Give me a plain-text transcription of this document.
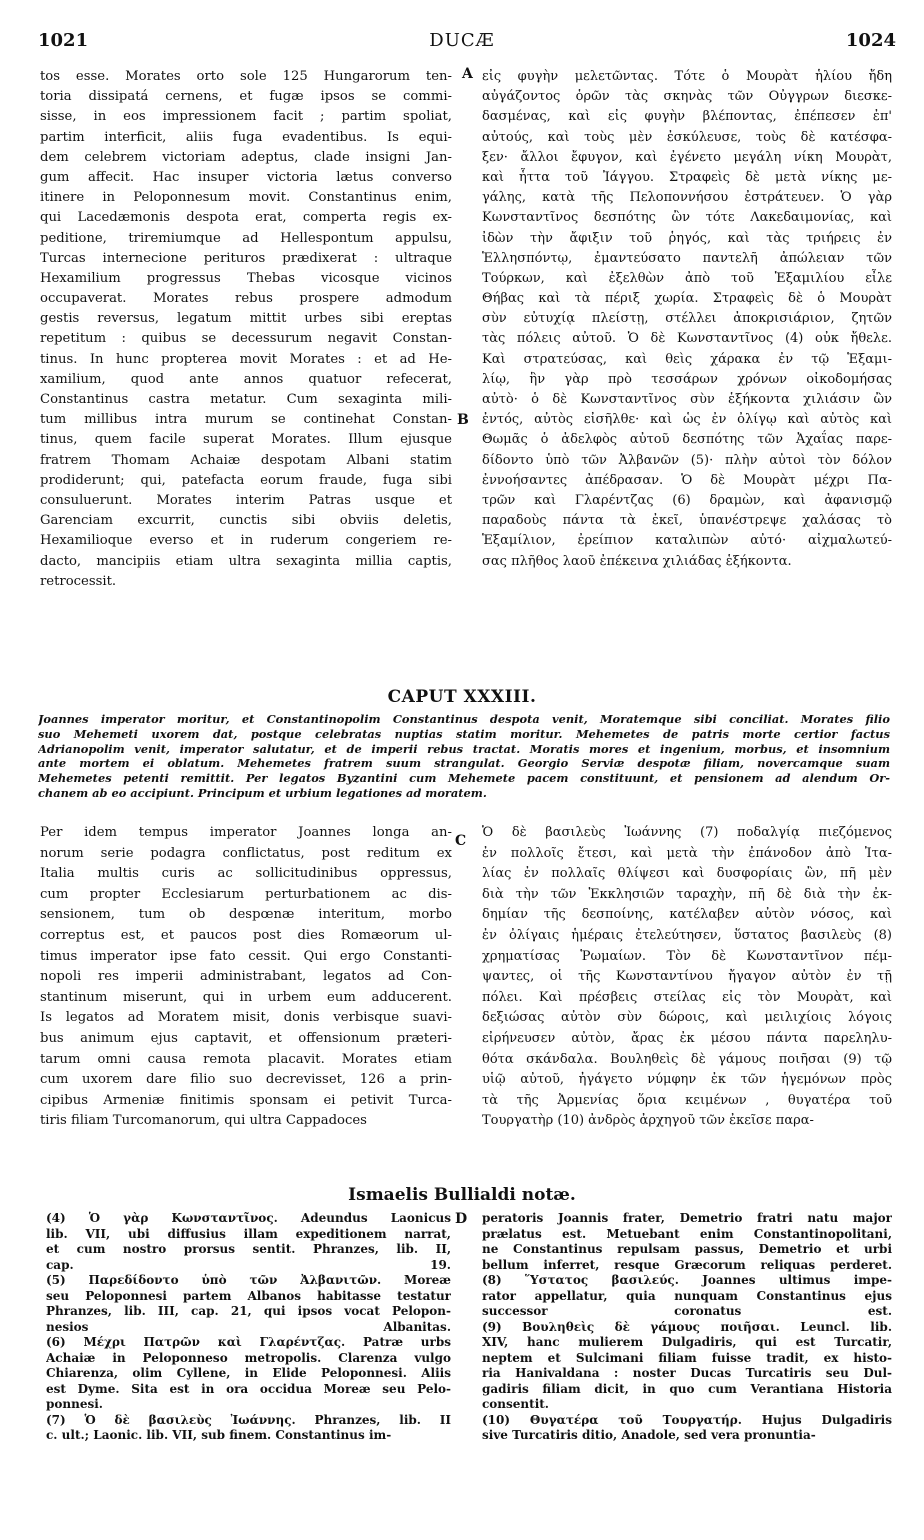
1021	DUCÆ	1024
A
B
C
D
tos esse. Morates orto sole 125 Hungarorum ten-
toria dissipatá cernens, et fugæ ipsos se commi-
sisse, in eos impressionem facit ; partim spoliat,
partim interficit, aliis fuga evadentibus. Is equi-
dem celebrem victoriam adeptus, clade insigni Jan-
gum affecit. Hac insuper victoria lætus converso
itinere in Peloponnesum movit. Constantinus enim,
qui Lacedæmonis despota erat, comperta regis ex-
peditione, triremiumque ad Hellespontum appulsu,
Turcas internecione perituros prædixerat : ultraque
Hexamilium progressus Thebas vicosque vicinos
occupaverat. Morates rebus prospere admodum
gestis reversus, legatum mittit urbes sibi ereptas
repetitum : quibus se decessurum negavit Constan-
tinus. In hunc propterea movit Morates : et ad He-
xamilium, quod ante annos quatuor refecerat,
Constantinus castra metatur. Cum sexaginta mili-
tum millibus intra murum se continehat Constan-
tinus, quem facile superat Morates. Illum ejusque
fratrem Thomam Achaiæ despotam Albani statim
prodiderunt; qui, patefacta eorum fraude, fuga sibi
consuluerunt. Morates interim Patras usque et
Garenciam excurrit, cunctis sibi obviis deletis,
Hexamilioque everso et in ruderum congeriem re-
dacto, mancipiis etiam ultra sexaginta millia captis,
retrocessit.
εἰς φυγὴν μελετῶντας. Τότε ὁ Μουρὰτ ἡλίου ἤδη
αὐγάζοντος ὁρῶν τὰς σκηνὰς τῶν Οὐγγρων διεσκε-
δασμένας, καὶ εἰς φυγὴν βλέποντας, ἐπέπεσεν ἐπ'
αὐτούς, καὶ τοὺς μὲν ἐσκύλευσε, τοὺς δὲ κατέσφα-
ξεν· ἄλλοι ἔφυγον, καὶ ἐγένετο μεγάλη νίκη Μουρὰτ,
καὶ ἧττα τοῦ Ἰάγγου. Στραφεὶς δὲ μετὰ νίκης με-
γάλης, κατὰ τῆς Πελοποννήσου ἐστράτευεν. Ὁ γὰρ
Κωνσταντῖνος δεσπότης ὢν τότε Λακεδαιμονίας, καὶ
ἰδὼν τὴν ἄφιξιν τοῦ ῥηγός, καὶ τὰς τριήρεις ἐν
Ἑλλησπόντῳ, ἐμαντεύσατο παντελῆ ἀπώλειαν τῶν
Τούρκων, καὶ ἐξελθὼν ἀπὸ τοῦ Ἑξαμιλίου εἶλε
Θήβας καὶ τὰ πέριξ χωρία. Στραφεὶς δὲ ὁ Μουρὰτ
σὺν εὐτυχίᾳ πλείστῃ, στέλλει ἀποκρισιάριον, ζητῶν
τὰς πόλεις αὐτοῦ. Ὁ δὲ Κωνσταντῖνος (4) οὐκ ἤθελε.
Καὶ στρατεύσας, καὶ θεὶς χάρακα ἐν τῷ Ἑξαμι-
λίῳ, ἣν γὰρ πρὸ τεσσάρων χρόνων οἰκοδομήσας
αὐτὸ· ὁ δὲ Κωνσταντῖνος σὺν ἑξήκοντα χιλιάσιν ὢν
ἐντός, αὐτὸς εἰσῆλθε· καὶ ὡς ἐν ὀλίγῳ καὶ αὐτὸς καὶ
Θωμᾶς ὁ ἀδελφὸς αὐτοῦ δεσπότης τῶν Ἀχαΐας παρε-
δίδοντο ὑπὸ τῶν Ἀλβανῶν (5)· πλὴν αὐτοὶ τὸν δόλον
ἐννοήσαντες ἀπέδρασαν. Ὁ δὲ Μουρὰτ μέχρι Πα-
τρῶν καὶ Γλαρέντζας (6) δραμὼν, καὶ ἀφανισμῷ
παραδοὺς πάντα τὰ ἐκεῖ, ὑπανέστρεψε χαλάσας τὸ
Ἑξαμίλιον, ἐρείπιον καταλιπὼν αὐτό· αἰχμαλωτεύ-
σας πλῆθος λαοῦ ἐπέκεινα χιλιάδας ἑξήκοντα.
CAPUT XXXIII.
Joannes imperator moritur, et Constantinopolim Constantinus despota venit, Moratemque sibi conciliat. Morates filio
suo Mehemeti uxorem dat, postque celebratas nuptias statim moritur. Mehemetes de patris morte certior factus
Adrianopolim venit, imperator salutatur, et de imperii rebus tractat. Moratis mores et ingenium, morbus, et insomnium
ante mortem ei oblatum. Mehemetes fratrem suum strangulat. Georgio Serviæ despotæ filiam, novercamque suam
Mehemetes petenti remittit. Per legatos Byzantini cum Mehemete pacem constituunt, et pensionem ad alendum Or-
chanem ab eo accipiunt. Principum et urbium legationes ad moratem.
Per idem tempus imperator Joannes longa an-
norum serie podagra conflictatus, post reditum ex
Italia multis curis ac sollicitudinibus oppressus,
cum propter Ecclesiarum perturbationem ac dis-
sensionem, tum ob despœnæ interitum, morbo
correptus est, et paucos post dies Romæorum ul-
timus imperator ipse fato cessit. Qui ergo Constanti-
nopoli res imperii administrabant, legatos ad Con-
stantinum miserunt, qui in urbem eum adducerent.
Is legatos ad Moratem misit, donis verbisque suavi-
bus animum ejus captavit, et offensionum præteri-
tarum omni causa remota placavit. Morates etiam
cum uxorem dare filio suo decrevisset, 126 a prin-
cipibus Armeniæ finitimis sponsam ei petivit Turca-
tiris filiam Turcomanorum, qui ultra Cappadoces
Ὁ δὲ βασιλεὺς Ἰωάννης (7) ποδαλγίᾳ πιεζόμενος
ἐν πολλοῖς ἔτεσι, καὶ μετὰ τὴν ἐπάνοδον ἀπὸ Ἰτα-
λίας ἐν πολλαῖς θλίψεσι καὶ δυσφορίαις ὢν, πῆ μὲν
διὰ τὴν τῶν Ἐκκλησιῶν ταραχὴν, πῆ δὲ διὰ τὴν ἐκ-
δημίαν τῆς δεσποίνης, κατέλαβεν αὐτὸν νόσος, καὶ
ἐν ὀλίγαις ἡμέραις ἐτελεύτησεν, ὕστατος βασιλεὺς (8)
χρηματίσας Ῥωμαίων. Τὸν δὲ Κωνσταντῖνον πέμ-
ψαντες, οἱ τῆς Κωνσταντίνου ἤγαγον αὐτὸν ἐν τῇ
πόλει. Καὶ πρέσβεις στείλας εἰς τὸν Μουρὰτ, καὶ
δεξιώσας αὐτὸν σὺν δώροις, καὶ μειλιχίοις λόγοις
εἰρήνευσεν αὐτὸν, ἄρας ἐκ μέσου πάντα παρεληλυ-
θότα σκάνδαλα. Βουληθεὶς δὲ γάμους ποιῆσαι (9) τῷ
υἱῷ αὐτοῦ, ἠγάγετο νύμφην ἐκ τῶν ἡγεμόνων πρὸς
τὰ τῆς Ἀρμενίας ὅρια κειμένων , θυγατέρα τοῦ
Τουργατὴρ (10) ἀνδρὸς ἀρχηγοῦ τῶν ἐκεῖσε παρα-
Ismaelis Bullialdi notæ.
(4) Ὁ γὰρ Κωνσταντῖνος. Adeundus Laonicus
lib. VII, ubi diffusius illam expeditionem narrat,
et cum nostro prorsus sentit. Phranzes, lib. II,
cap. 19.
(5) Παρεδίδοντο ὑπὸ τῶν Ἀλβανιτῶν. Moreæ
seu Peloponnesi partem Albanos habitasse testatur
Phranzes, lib. III, cap. 21, qui ipsos vocat Pelopon-
nesios Albanitas.
(6) Μέχρι Πατρῶν καὶ Γλαρέντζας. Patræ urbs
Achaiæ in Peloponneso metropolis. Clarenza vulgo
Chiarenza, olim Cyllene, in Elide Peloponnesi. Aliis
est Dyme. Sita est in ora occidua Moreæ seu Pelo-
ponnesi.
(7) Ὁ δὲ βασιλεὺς Ἰωάννης. Phranzes, lib. II
c. ult.; Laonic. lib. VII, sub finem. Constantinus im-
peratoris Joannis frater, Demetrio fratri natu major
prælatus est. Metuebant enim Constantinopolitani,
ne Constantinus repulsam passus, Demetrio et urbi
bellum inferret, resque Græcorum reliquas perderet.
(8) Ὕστατος βασιλεύς. Joannes ultimus impe-
rator appellatur, quia nunquam Constantinus ejus
successor coronatus est.
(9) Βουληθεὶς δὲ γάμους ποιῆσαι. Leuncl. lib.
XIV, hanc mulierem Dulgadiris, qui est Turcatir,
neptem et Sulcimani filiam fuisse tradit, ex histo-
ria Hanivaldana : noster Ducas Turcatiris seu Dul-
gadiris filiam dicit, in quo cum Verantiana Historia
consentit.
(10) Θυγατέρα τοῦ Τουργατήρ. Hujus Dulgadiris
sive Turcatiris ditio, Anadole, sed vera pronuntia-
